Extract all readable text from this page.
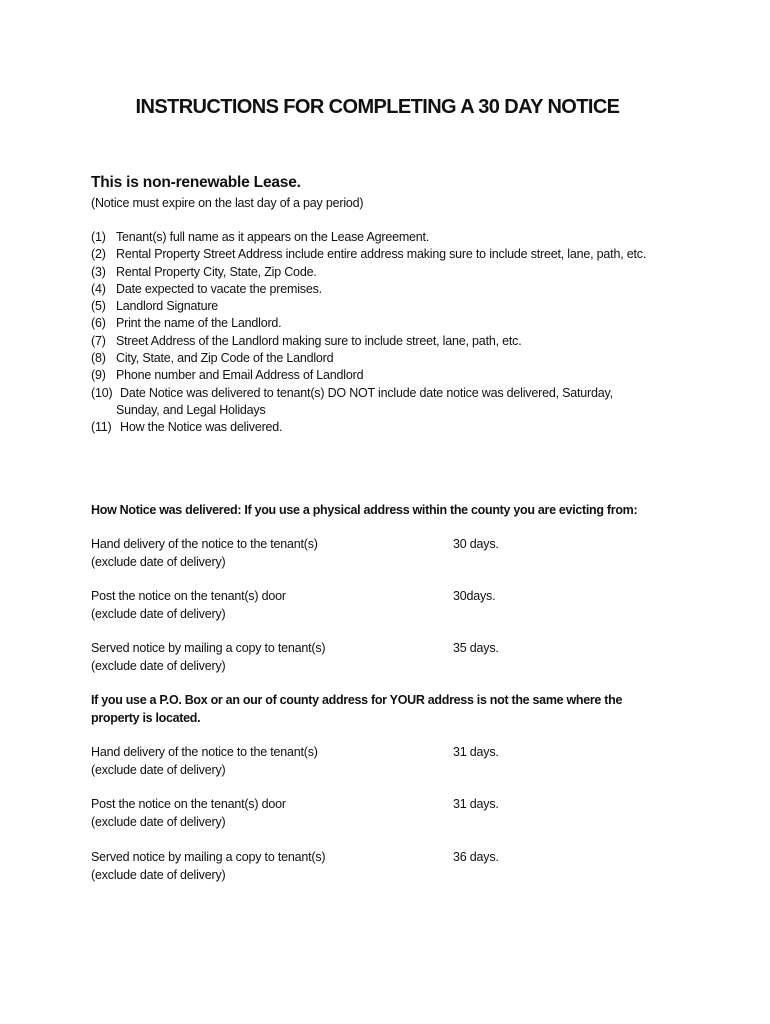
INSTRUCTIONS FOR COMPLETING A 30 DAY NOTICE

This is non-renewable Lease.

(Notice must expire on the last day of a pay period)

(1) Tenant(s) full name as it appears on the Lease Agreement.
(2) Rental Property Street Address include entire address making sure to include street, lane, path, etc.
(3) Rental Property City, State, Zip Code.
(4) Date expected to vacate the premises.
(5) Landlord Signature
(6) Print the name of the Landlord.
(7) Street Address of the Landlord making sure to include street, lane, path, etc.
(8) City, State, and Zip Code of the Landlord
(9) Phone number and Email Address of Landlord
(10) Date Notice was delivered to tenant(s) DO NOT include date notice was delivered, Saturday,
Sunday, and Legal Holidays
(11) How the Notice was delivered.

How Notice was delivered: If you use a physical address within the county you are evicting from:

Hand delivery of the notice to the tenant(s)
(exclude date of delivery)
30 days.
Post the notice on the tenant(s) door
(exclude date of delivery)
30days.
Served notice by mailing a copy to tenant(s)
(exclude date of delivery)
35 days.

If you use a P.O. Box or an our of county address for YOUR address is not the same where the property is located.

Hand delivery of the notice to the tenant(s)
(exclude date of delivery)
31 days.
Post the notice on the tenant(s) door
(exclude date of delivery)
31 days.
Served notice by mailing a copy to tenant(s)
(exclude date of delivery)
36 days.
